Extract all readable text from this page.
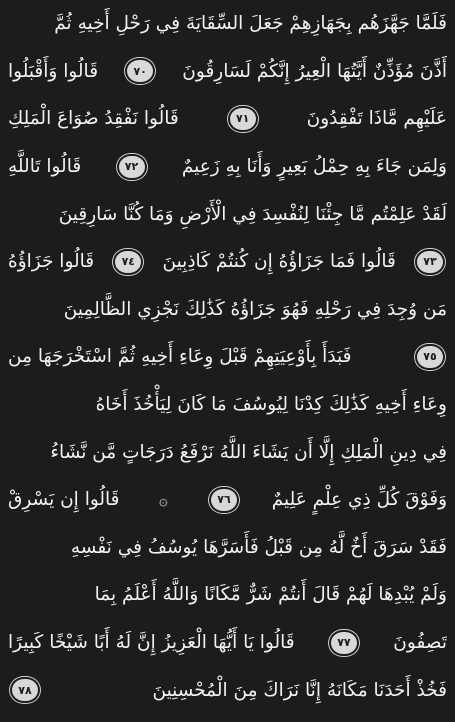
فَلَمَّا جَهَّزَهُم بِجَهَازِهِمْ جَعَلَ السِّقَايَةَ فِي رَحْلِ أَخِيهِ ثُمَّ
أَذَّنَ مُؤَذِّنٌ أَيَّتُهَا الْعِيرُ إِنَّكُمْ لَسَارِقُونَ
٧٠
قَالُوا وَأَقْبَلُوا
عَلَيْهِم مَّاذَا تَفْقِدُونَ
٧١
قَالُوا نَفْقِدُ صُوَاعَ الْمَلِكِ
وَلِمَن جَاءَ بِهِ حِمْلُ بَعِيرٍ وَأَنَا بِهِ زَعِيمٌ
٧٢
قَالُوا تَاللَّهِ
لَقَدْ عَلِمْتُم مَّا جِئْنَا لِنُفْسِدَ فِي الْأَرْضِ وَمَا كُنَّا سَارِقِينَ
٧٣
قَالُوا فَمَا جَزَاؤُهُ إِن كُنتُمْ كَاذِبِينَ
٧٤
قَالُوا جَزَاؤُهُ
مَن وُجِدَ فِي رَحْلِهِ فَهُوَ جَزَاؤُهُ كَذَٰلِكَ نَجْزِي الظَّالِمِينَ
٧٥
فَبَدَأَ بِأَوْعِيَتِهِمْ قَبْلَ وِعَاءِ أَخِيهِ ثُمَّ اسْتَخْرَجَهَا مِن
وِعَاءِ أَخِيهِ كَذَٰلِكَ كِدْنَا لِيُوسُفَ مَا كَانَ لِيَأْخُذَ أَخَاهُ
فِي دِينِ الْمَلِكِ إِلَّا أَن يَشَاءَ اللَّهُ نَرْفَعُ دَرَجَاتٍ مَّن نَّشَاءُ
وَفَوْقَ كُلِّ ذِي عِلْمٍ عَلِيمٌ
٧٦
۞
قَالُوا إِن يَسْرِقْ
فَقَدْ سَرَقَ أَخٌ لَّهُ مِن قَبْلُ فَأَسَرَّهَا يُوسُفُ فِي نَفْسِهِ
وَلَمْ يُبْدِهَا لَهُمْ قَالَ أَنتُمْ شَرٌّ مَّكَانًا وَاللَّهُ أَعْلَمُ بِمَا
تَصِفُونَ
٧٧
قَالُوا يَا أَيُّهَا الْعَزِيزُ إِنَّ لَهُ أَبًا شَيْخًا كَبِيرًا
فَخُذْ أَحَدَنَا مَكَانَهُ إِنَّا نَرَاكَ مِنَ الْمُحْسِنِينَ
٧٨
